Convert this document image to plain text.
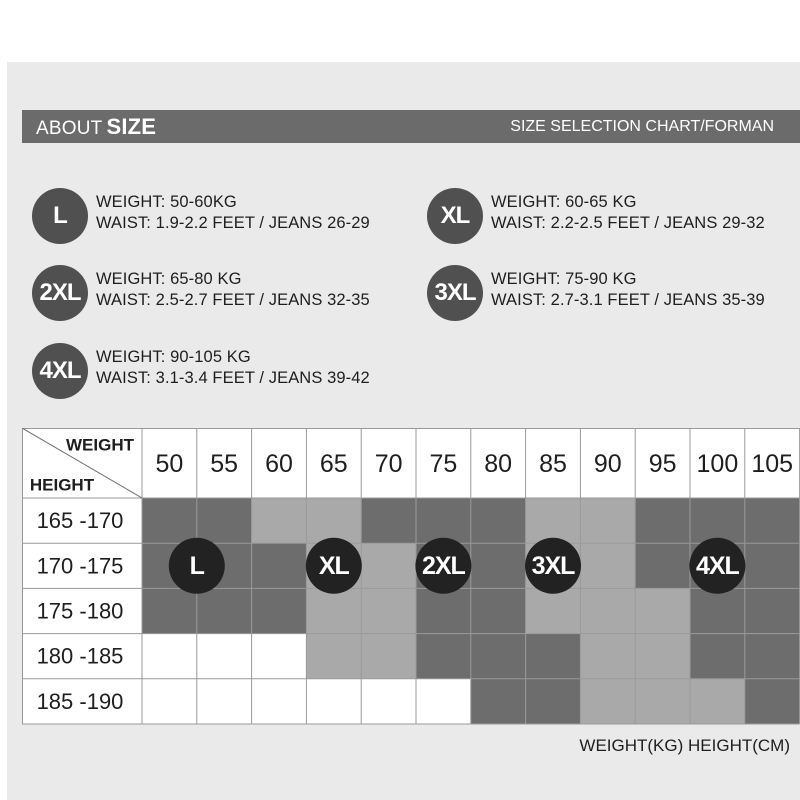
ABOUT SIZE	SIZE SELECTION CHART/FORMAN
L	WEIGHT: 50-60KG
WAIST: 1.9-2.2 FEET / JEANS 26-29	XL	WEIGHT: 60-65 KG
WAIST: 2.2-2.5 FEET / JEANS 29-32
2XL WEIGHT: 65-80 KG
WAIST: 2.5-2.7 FEET / JEANS 32-35	3XL WEIGHT: 75-90 KG
WAIST: 2.7-3.1 FEET / JEANS 35-39
4XL WEIGHT: 90-105 KG
WAIST: 3.1-3.4 FEET / JEANS 39-42
WEIGHT
HEIGHT
50 55 60 65 70 75 80 85 90 95 100 105
165 -170
170 -175
175 -180
180 -185
185 -190
L	XL	2XL	3XL	4XL
WEIGHT(KG) HEIGHT(CM)
